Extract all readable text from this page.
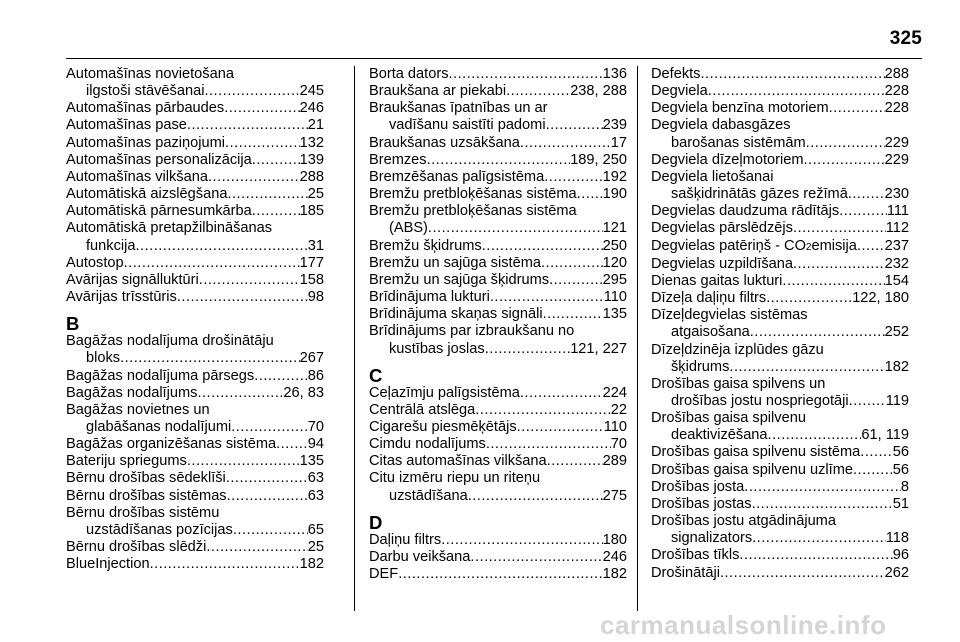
325
Automašīnas novietošana
ilgstoši stāvēšanai .....	245
Automašīnas pārbaudes .....	246
Automašīnas pase .....	21
Automašīnas paziņojumi .....	132
Automašīnas personalizācija .....	139
Automašīnas vilkšana .....	288
Automātiskā aizslēgšana .....	25
Automātiskā pārnesumkārba .....	185
Automātiskā pretapžilbināšanas
funkcija .....	31
Autostop .....	177
Avārijas signālluktūri .....	158
Avārijas trīsstūris .....	98
B
Bagāžas nodalījuma drošinātāju
bloks .....	267
Bagāžas nodalījuma pārsegs .....	86
Bagāžas nodalījums .....	26, 83
Bagāžas novietnes un
glabāšanas nodalījumi .....	70
Bagāžas organizēšanas sistēma ..... 94
Bateriju spriegums .....	135
Bērnu drošības sēdeklīši .....	63
Bērnu drošības sistēmas .....	63
Bērnu drošības sistēmu
uzstādīšanas pozīcijas .....	65
Bērnu drošības slēdži .....	25
BlueInjection .....	182
Borta dators .....	136
Braukšana ar piekabi .....	238, 288
Braukšanas īpatnības un ar
vadīšanu saistīti padomi .....	239
Braukšanas uzsākšana .....	17
Bremzes .....	189, 250
Bremzēšanas palīgsistēma .....	192
Bremžu pretbloķēšanas sistēma ..... 190
Bremžu pretbloķēšanas sistēma
(ABS) .....	121
Bremžu šķidrums .....	250
Bremžu un sajūga sistēma .....	120
Bremžu un sajūga šķidrums .....	295
Brīdinājuma lukturi .....	110
Brīdinājuma skaņas signāli .....	135
Brīdinājums par izbraukšanu no
kustības joslas .....	121, 227
C
Ceļazīmju palīgsistēma .....	224
Centrālā atslēga .....	22
Cigarešu piesmēķētājs .....	110
Cimdu nodalījums .....	70
Citas automašīnas vilkšana .....	289
Citu izmēru riepu un riteņu
uzstādīšana .....	275
D
Daļiņu filtrs .....	180
Darbu veikšana .....	246
DEF .....	182
Defekts .....	288
Degviela .....	228
Degviela benzīna motoriem .....	228
Degviela dabasgāzes
barošanas sistēmām .....	229
Degviela dīzeļmotoriem .....	229
Degviela lietošanai
sašķidrinātās gāzes režīmā .....	230
Degvielas daudzuma rādītājs .....	111
Degvielas pārslēdzējs .....	112
Degvielas patēriņš - CO 2 emisija ..... 237
Degvielas uzpildīšana .....	232
Dienas gaitas lukturi .....	154
Dīzeļa daļiņu filtrs .....	122, 180
Dīzeļdegvielas sistēmas
atgaisošana .....	252
Dīzeļdzinēja izplūdes gāzu
šķidrums .....	182
Drošības gaisa spilvens un
drošības jostu nospriegotāji .....	119
Drošības gaisa spilvenu
deaktivizēšana .....	61, 119
Drošības gaisa spilvenu sistēma ..... 56
Drošības gaisa spilvenu uzlīme .....	56
Drošības josta .....	8
Drošības jostas .....	51
Drošības jostu atgādinājuma
signalizators .....	118
Drošības tīkls .....	96
Drošinātāji .....	262
carmanualsonline.info
